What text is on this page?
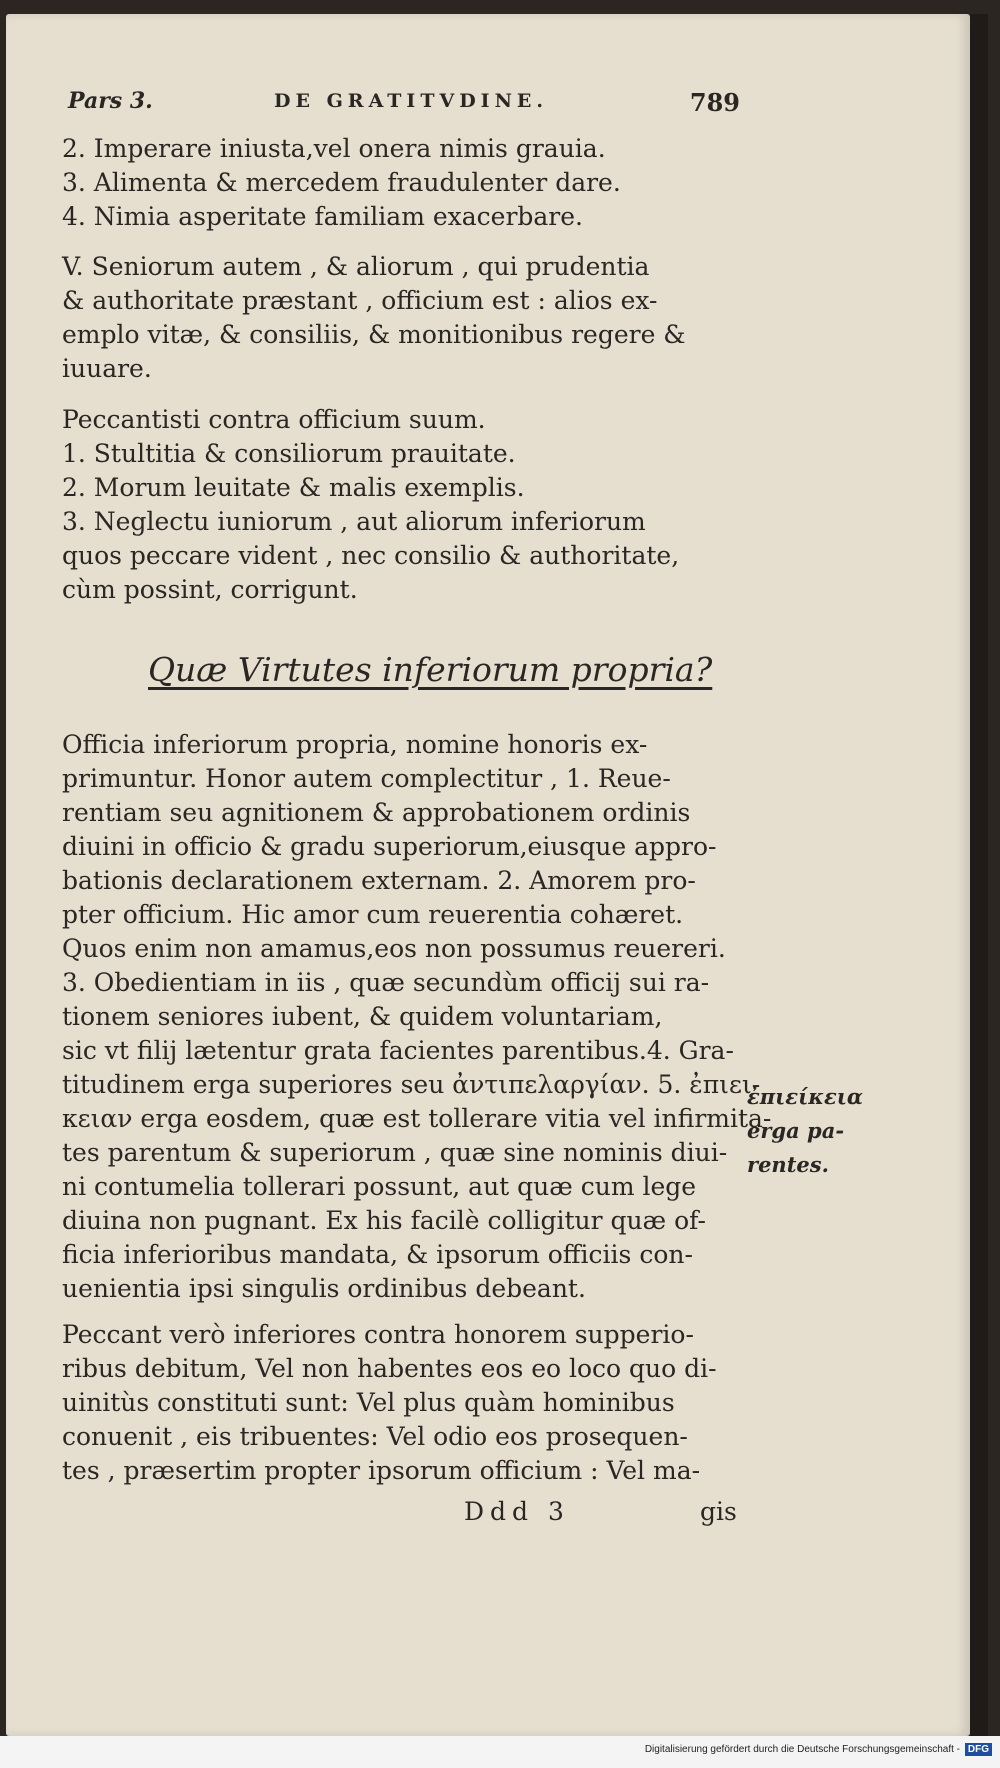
Pars 3.	DE GRATITVDINE.	789
2. Imperare iniusta,vel onera nimis grauia.
3. Alimenta & mercedem fraudulenter dare.
4. Nimia asperitate familiam exacerbare.
V. Seniorum autem , & aliorum , qui prudentia
& authoritate præstant , officium est : alios ex-
emplo vitæ, & consiliis, & monitionibus regere &
iuuare.
Peccantisti contra officium suum.
1. Stultitia & consiliorum prauitate.
2. Morum leuitate & malis exemplis.
3. Neglectu iuniorum , aut aliorum inferiorum
quos peccare vident , nec consilio & authoritate,
cùm possint, corrigunt.
Quæ Virtutes inferiorum propria?
Officia inferiorum propria, nomine honoris ex-
primuntur. Honor autem complectitur , 1. Reue-
rentiam seu agnitionem & approbationem ordinis
diuini in officio & gradu superiorum,eiusque appro-
bationis declarationem externam. 2. Amorem pro-
pter officium. Hic amor cum reuerentia cohæret.
Quos enim non amamus,eos non possumus reuereri.
3. Obedientiam in iis , quæ secundùm officij sui ra-
tionem seniores iubent, & quidem voluntariam,
sic vt filij lætentur grata facientes parentibus.4. Gra-
titudinem erga superiores seu ἀντιπελαργίαν. 5. ἐπιει-
κειαν erga eosdem, quæ est tollerare vitia vel infirmita-
tes parentum & superiorum , quæ sine nominis diui-
ni contumelia tollerari possunt, aut quæ cum lege
diuina non pugnant. Ex his facilè colligitur quæ of-
ficia inferioribus mandata, & ipsorum officiis con-
uenientia ipsi singulis ordinibus debeant.
Peccant verò inferiores contra honorem supperio-
ribus debitum, Vel non habentes eos eo loco quo di-
uinitùs constituti sunt: Vel plus quàm hominibus
conuenit , eis tribuentes: Vel odio eos prosequen-
tes , præsertim propter ipsorum officium : Vel ma-
ἐπιείκεια
erga pa-
rentes.
Ddd 3	gis
Digitalisierung gefördert durch die Deutsche Forschungsgemeinschaft - DFG
